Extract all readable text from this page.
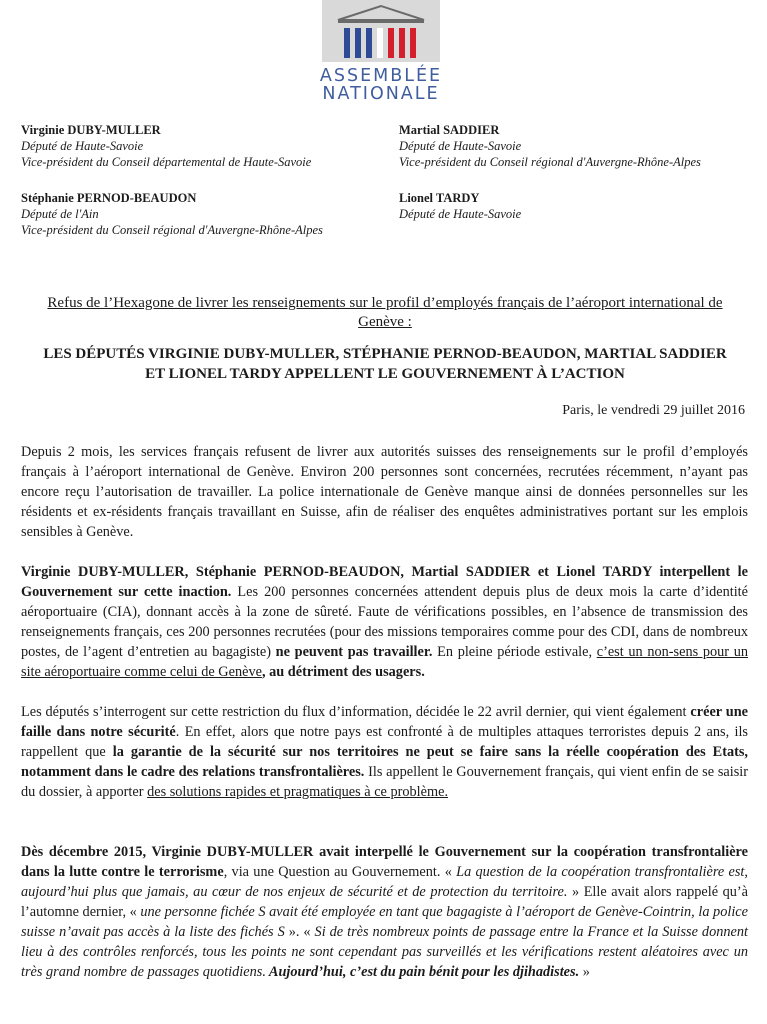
ASSEMBLÉE
NATIONALE
Virginie DUBY-MULLER
Député de Haute-Savoie
Vice-président du Conseil départemental de Haute-Savoie
Martial SADDIER
Député de Haute-Savoie
Vice-président du Conseil régional d'Auvergne-Rhône-Alpes
Stéphanie PERNOD-BEAUDON
Député de l'Ain
Vice-président du Conseil régional d'Auvergne-Rhône-Alpes
Lionel TARDY
Député de Haute-Savoie
Refus de l’Hexagone de livrer les renseignements sur le profil d’employés français de l’aéroport international de Genève :
LES DÉPUTÉS VIRGINIE DUBY-MULLER, STÉPHANIE PERNOD-BEAUDON, MARTIAL SADDIER ET LIONEL TARDY APPELLENT LE GOUVERNEMENT À L’ACTION
Paris, le vendredi 29 juillet 2016
Depuis 2 mois, les services français refusent de livrer aux autorités suisses des renseignements sur le profil d’employés français à l’aéroport international de Genève. Environ 200 personnes sont concernées, recrutées récemment, n’ayant pas encore reçu l’autorisation de travailler. La police internationale de Genève manque ainsi de données personnelles sur les résidents et ex-résidents français travaillant en Suisse, afin de réaliser des enquêtes administratives portant sur les emplois sensibles à Genève.
Virginie DUBY-MULLER, Stéphanie PERNOD-BEAUDON, Martial SADDIER et Lionel TARDY interpellent le Gouvernement sur cette inaction. Les 200 personnes concernées attendent depuis plus de deux mois la carte d’identité aéroportuaire (CIA), donnant accès à la zone de sûreté. Faute de vérifications possibles, en l’absence de transmission des renseignements français, ces 200 personnes recrutées (pour des missions temporaires comme pour des CDI, dans de nombreux postes, de l’agent d’entretien au bagagiste) ne peuvent pas travailler. En pleine période estivale, c’est un non-sens pour un site aéroportuaire comme celui de Genève, au détriment des usagers.
Les députés s’interrogent sur cette restriction du flux d’information, décidée le 22 avril dernier, qui vient également créer une faille dans notre sécurité. En effet, alors que notre pays est confronté à de multiples attaques terroristes depuis 2 ans, ils rappellent que la garantie de la sécurité sur nos territoires ne peut se faire sans la réelle coopération des Etats, notamment dans le cadre des relations transfrontalières. Ils appellent le Gouvernement français, qui vient enfin de se saisir du dossier, à apporter des solutions rapides et pragmatiques à ce problème.
Dès décembre 2015, Virginie DUBY-MULLER avait interpellé le Gouvernement sur la coopération transfrontalière dans la lutte contre le terrorisme, via une Question au Gouvernement. « La question de la coopération transfrontalière est, aujourd’hui plus que jamais, au cœur de nos enjeux de sécurité et de protection du territoire. » Elle avait alors rappelé qu’à l’automne dernier, « une personne fichée S avait été employée en tant que bagagiste à l’aéroport de Genève-Cointrin, la police suisse n’avait pas accès à la liste des fichés S ». « Si de très nombreux points de passage entre la France et la Suisse donnent lieu à des contrôles renforcés, tous les points ne sont cependant pas surveillés et les vérifications restent aléatoires avec un très grand nombre de passages quotidiens. Aujourd’hui, c’est du pain bénit pour les djihadistes. »
